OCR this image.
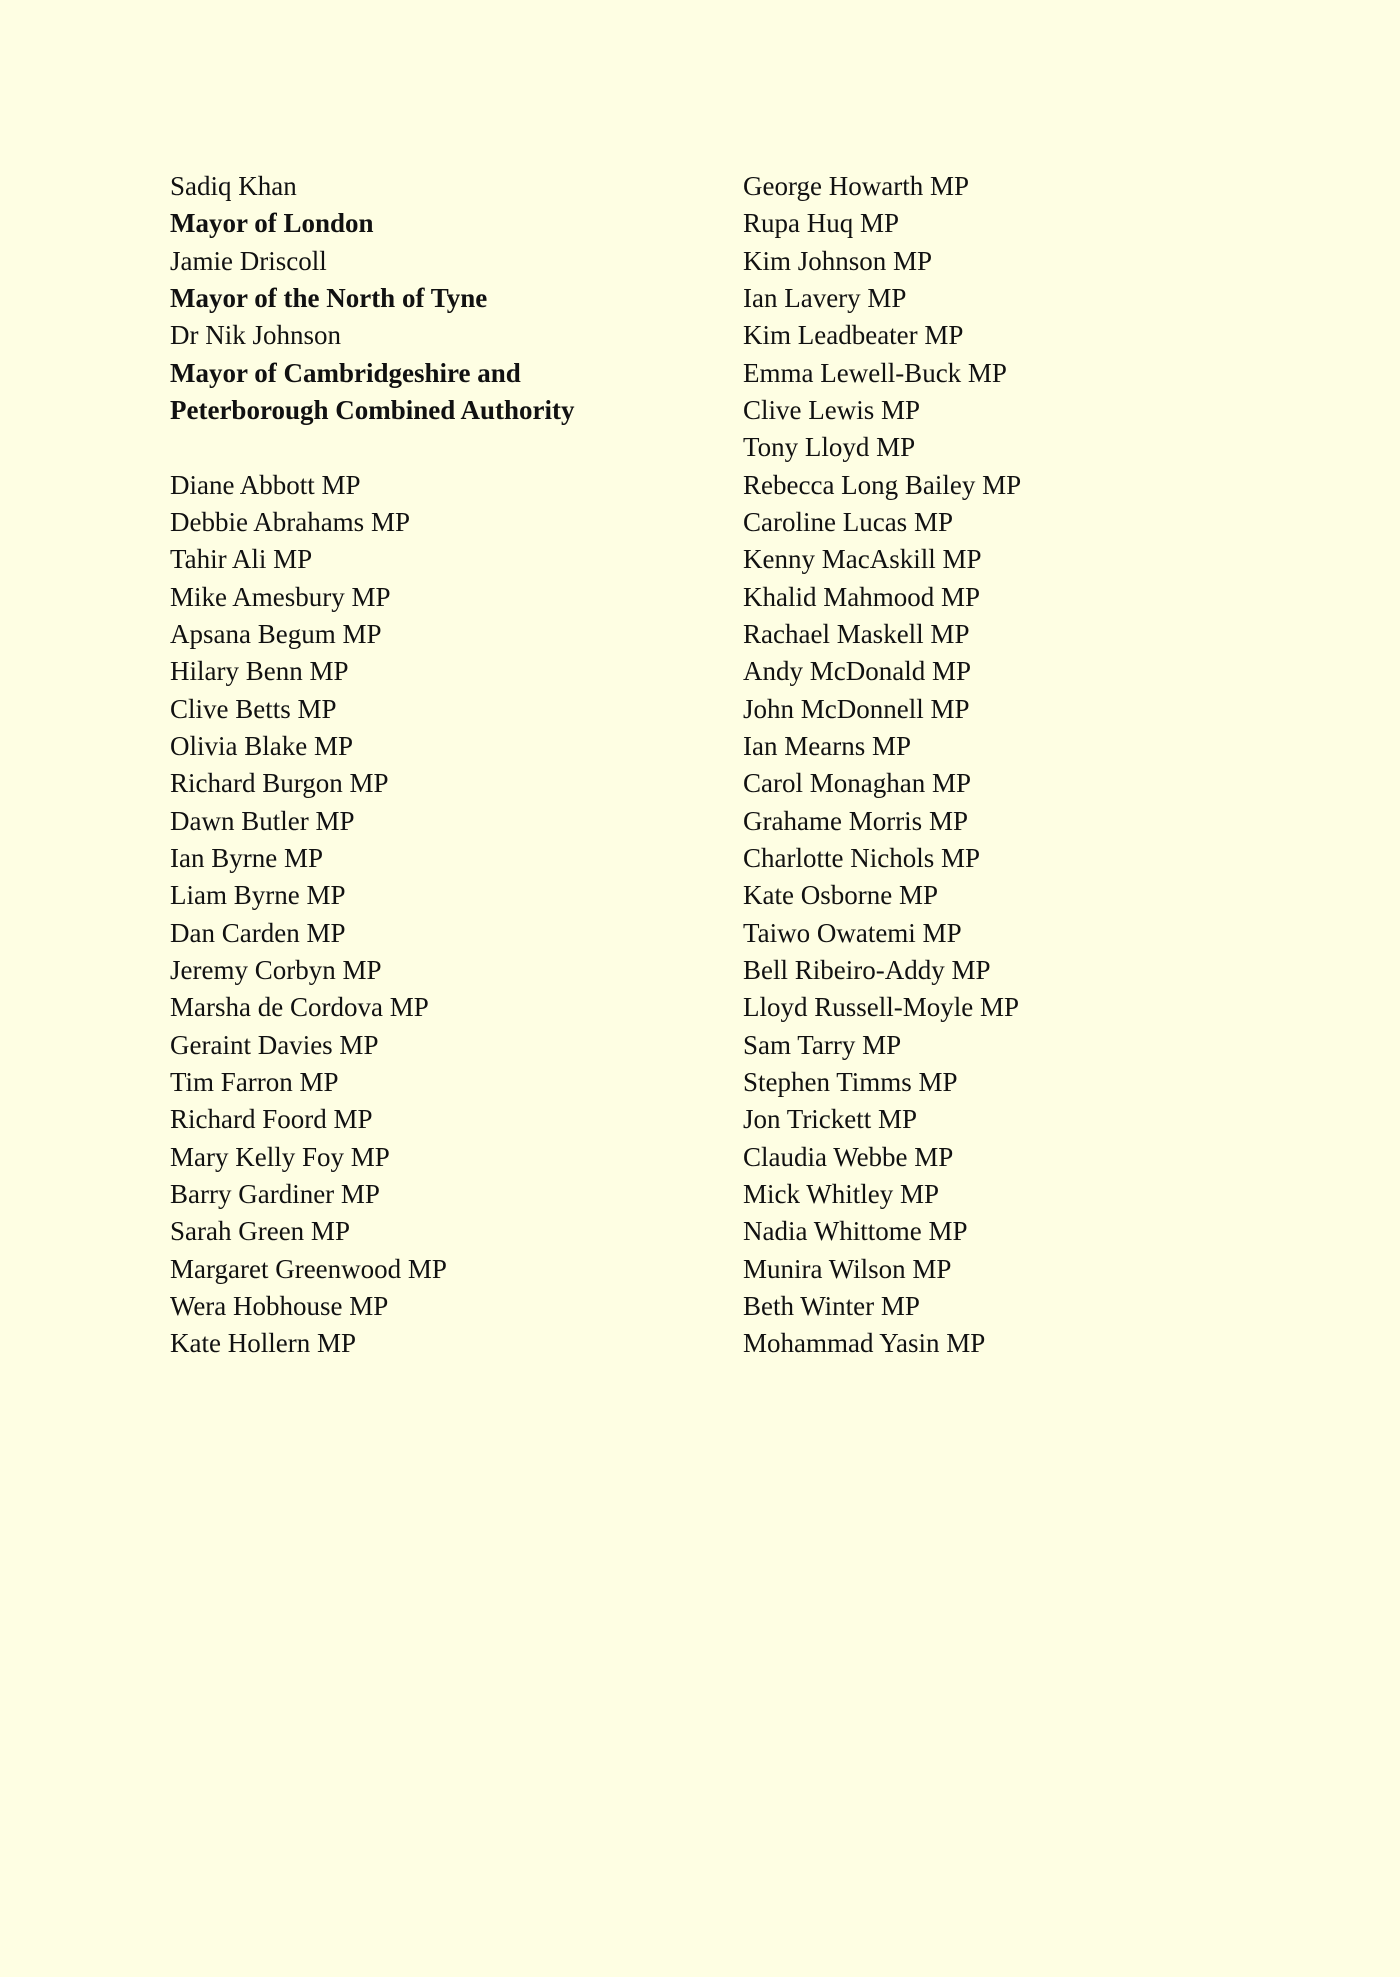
Sadiq Khan
Mayor of London
Jamie Driscoll
Mayor of the North of Tyne
Dr Nik Johnson
Mayor of Cambridgeshire and
Peterborough Combined Authority
Diane Abbott MP
Debbie Abrahams MP
Tahir Ali MP
Mike Amesbury MP
Apsana Begum MP
Hilary Benn MP
Clive Betts MP
Olivia Blake MP
Richard Burgon MP
Dawn Butler MP
Ian Byrne MP
Liam Byrne MP
Dan Carden MP
Jeremy Corbyn MP
Marsha de Cordova MP
Geraint Davies MP
Tim Farron MP
Richard Foord MP
Mary Kelly Foy MP
Barry Gardiner MP
Sarah Green MP
Margaret Greenwood MP
Wera Hobhouse MP
Kate Hollern MP
George Howarth MP
Rupa Huq MP
Kim Johnson MP
Ian Lavery MP
Kim Leadbeater MP
Emma Lewell-Buck MP
Clive Lewis MP
Tony Lloyd MP
Rebecca Long Bailey MP
Caroline Lucas MP
Kenny MacAskill MP
Khalid Mahmood MP
Rachael Maskell MP
Andy McDonald MP
John McDonnell MP
Ian Mearns MP
Carol Monaghan MP
Grahame Morris MP
Charlotte Nichols MP
Kate Osborne MP
Taiwo Owatemi MP
Bell Ribeiro-Addy MP
Lloyd Russell-Moyle MP
Sam Tarry MP
Stephen Timms MP
Jon Trickett MP
Claudia Webbe MP
Mick Whitley MP
Nadia Whittome MP
Munira Wilson MP
Beth Winter MP
Mohammad Yasin MP
